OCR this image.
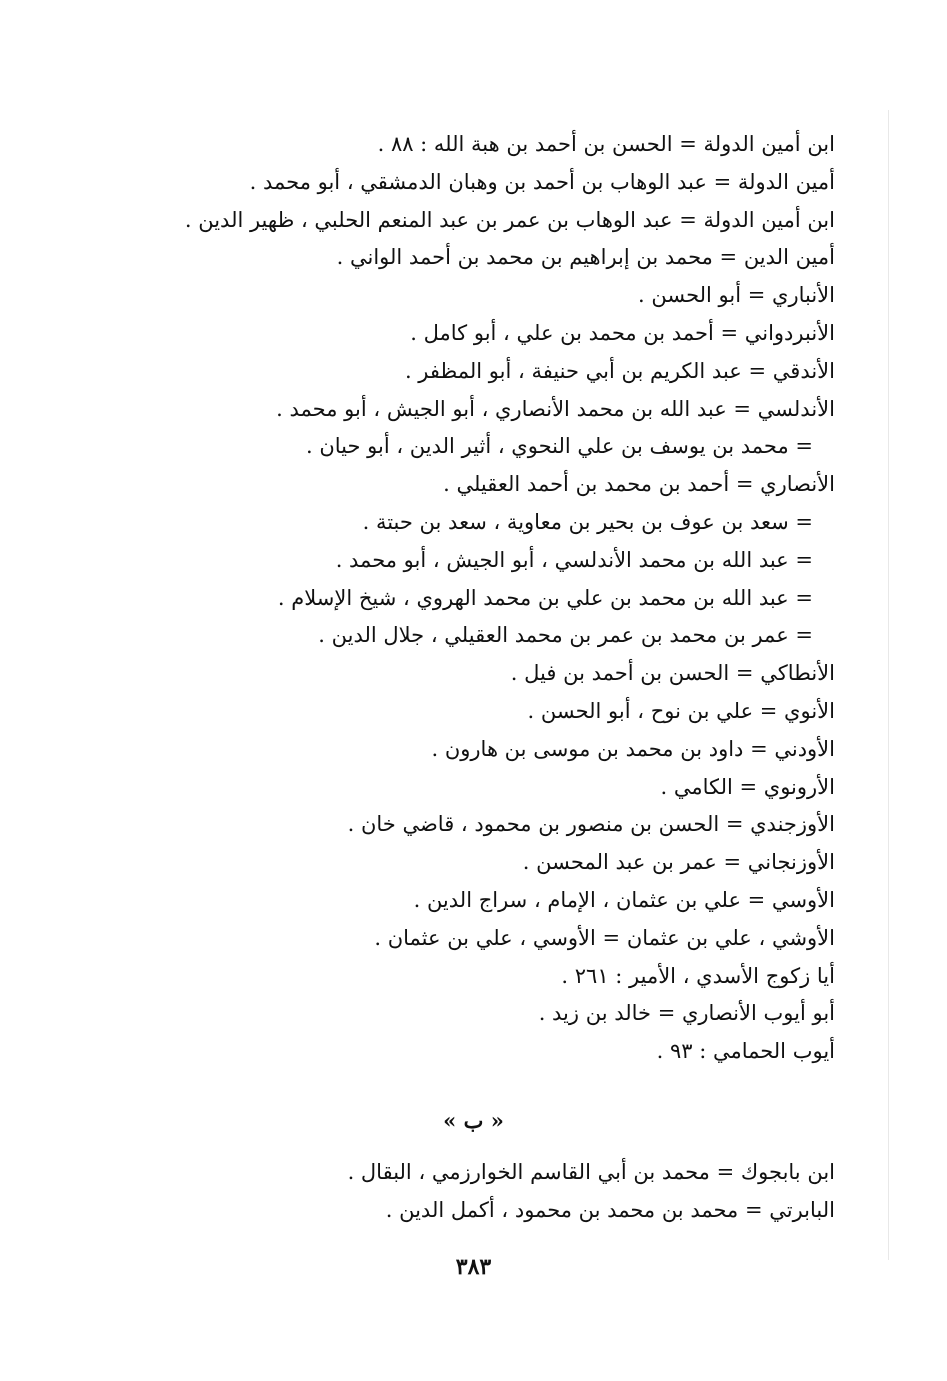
ابن أمين الدولة = الحسن بن أحمد بن هبة الله : ٨٨ .
أمين الدولة = عبد الوهاب بن أحمد بن وهبان الدمشقي ، أبو محمد .
ابن أمين الدولة = عبد الوهاب بن عمر بن عبد المنعم الحلبي ، ظهير الدين .
أمين الدين = محمد بن إبراهيم بن محمد بن أحمد الواني .
الأنباري = أبو الحسن .
الأنبردواني = أحمد بن محمد بن علي ، أبو كامل .
الأندقي = عبد الكريم بن أبي حنيفة ، أبو المظفر .
الأندلسي = عبد الله بن محمد الأنصاري ، أبو الجيش ، أبو محمد .
= محمد بن يوسف بن علي النحوي ، أثير الدين ، أبو حيان .
الأنصاري = أحمد بن محمد بن أحمد العقيلي .
= سعد بن عوف بن بحير بن معاوية ، سعد بن حبتة .
= عبد الله بن محمد الأندلسي ، أبو الجيش ، أبو محمد .
= عبد الله بن محمد بن علي بن محمد الهروي ، شيخ الإسلام .
= عمر بن محمد بن عمر بن محمد العقيلي ، جلال الدين .
الأنطاكي = الحسن بن أحمد بن فيل .
الأنوي = علي بن نوح ، أبو الحسن .
الأودني = داود بن محمد بن موسى بن هارون .
الأرونوي = الكامي .
الأوزجندي = الحسن بن منصور بن محمود ، قاضي خان .
الأوزنجاني = عمر بن عبد المحسن .
الأوسي = علي بن عثمان ، الإمام ، سراج الدين .
الأوشي ، علي بن عثمان = الأوسي ، علي بن عثمان .
أيا زكوج الأسدي ، الأمير : ٢٦١ .
أبو أيوب الأنصاري = خالد بن زيد .
أيوب الحمامي : ٩٣ .
« ب »
ابن بابجوك = محمد بن أبي القاسم الخوارزمي ، البقال .
البابرتي = محمد بن محمد بن محمود ، أكمل الدين .
٣٨٣
